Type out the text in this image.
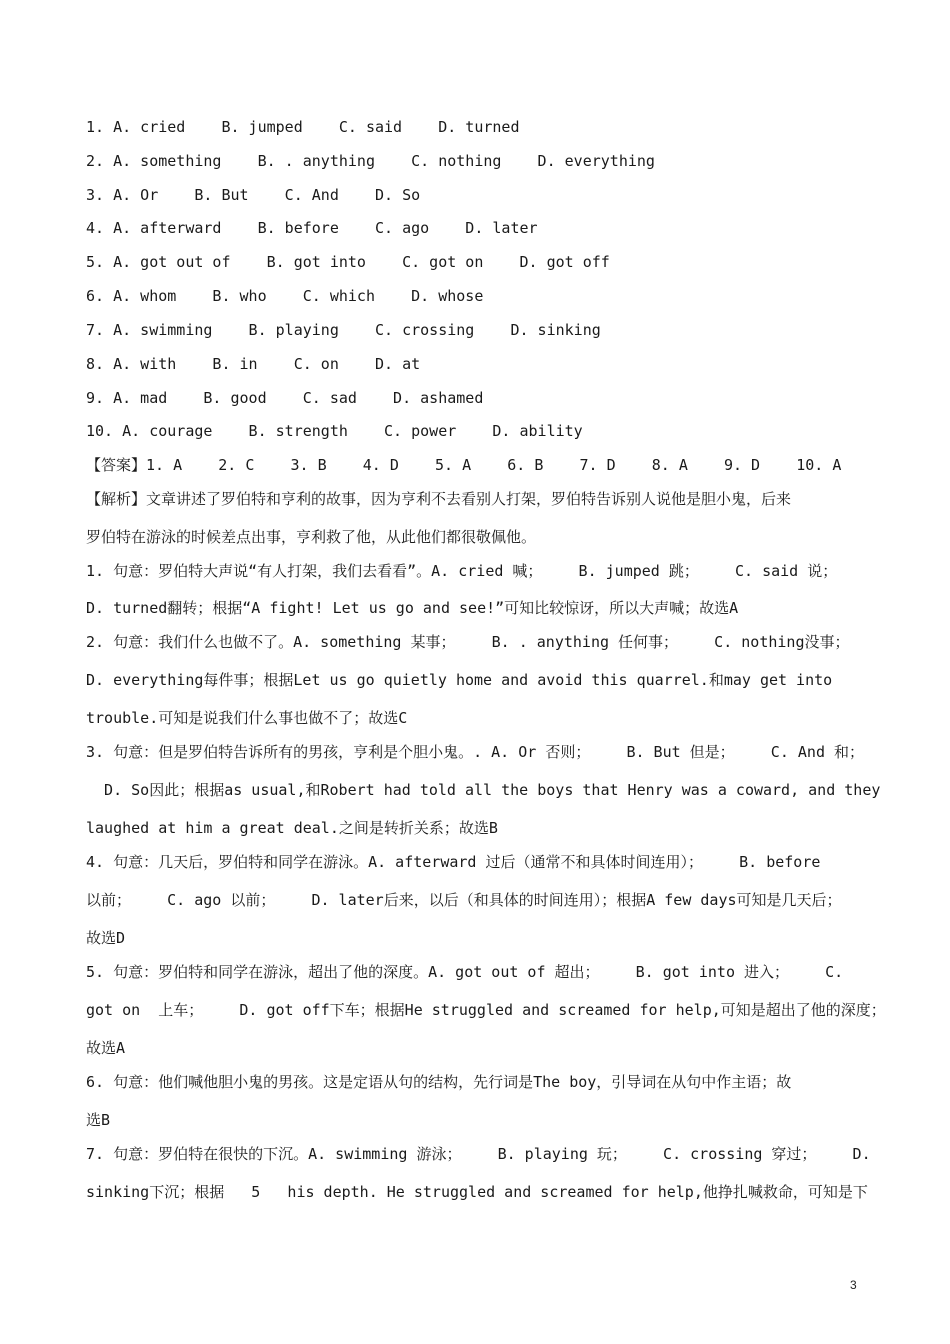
1. A. cried    B. jumped    C. said    D. turned
2. A. something    B. . anything    C. nothing    D. everything
3. A. Or    B. But    C. And    D. So
4. A. afterward    B. before    C. ago    D. later
5. A. got out of    B. got into    C. got on    D. got off
6. A. whom    B. who    C. which    D. whose
7. A. swimming    B. playing    C. crossing    D. sinking
8. A. with    B. in    C. on    D. at
9. A. mad    B. good    C. sad    D. ashamed
10. A. courage    B. strength    C. power    D. ability
【答案】1. A    2. C    3. B    4. D    5. A    6. B    7. D    8. A    9. D    10. A
【解析】文章讲述了罗伯特和亨利的故事，因为亨利不去看别人打架，罗伯特告诉别人说他是胆小鬼，后来
罗伯特在游泳的时候差点出事，亨利救了他，从此他们都很敬佩他。
1. 句意：罗伯特大声说“有人打架，我们去看看”。A. cried 喊；    B. jumped 跳；    C. said 说；
D. turned翻转；根据“A fight! Let us go and see!”可知比较惊讶，所以大声喊；故选A
2. 句意：我们什么也做不了。A. something 某事；    B. . anything 任何事；    C. nothing没事；
D. everything每件事；根据Let us go quietly home and avoid this quarrel.和may get into
trouble.可知是说我们什么事也做不了；故选C
3. 句意：但是罗伯特告诉所有的男孩，亨利是个胆小鬼。. A. Or 否则；    B. But 但是；    C. And 和；
D. So因此；根据as usual,和Robert had told all the boys that Henry was a coward, and they
laughed at him a great deal.之间是转折关系；故选B
4. 句意：几天后，罗伯特和同学在游泳。A. afterward 过后（通常不和具体时间连用）；    B. before
以前；    C. ago 以前；    D. later后来，以后（和具体的时间连用）；根据A few days可知是几天后；
故选D
5. 句意：罗伯特和同学在游泳，超出了他的深度。A. got out of 超出；    B. got into 进入；    C.
got on  上车；    D. got off下车；根据He struggled and screamed for help,可知是超出了他的深度；
故选A
6. 句意：他们喊他胆小鬼的男孩。这是定语从句的结构，先行词是The boy，引导词在从句中作主语；故
选B
7. 句意：罗伯特在很快的下沉。A. swimming 游泳；    B. playing 玩；    C. crossing 穿过；    D.
sinking下沉；根据   5   his depth. He struggled and screamed for help,他挣扎喊救命，可知是下
3
